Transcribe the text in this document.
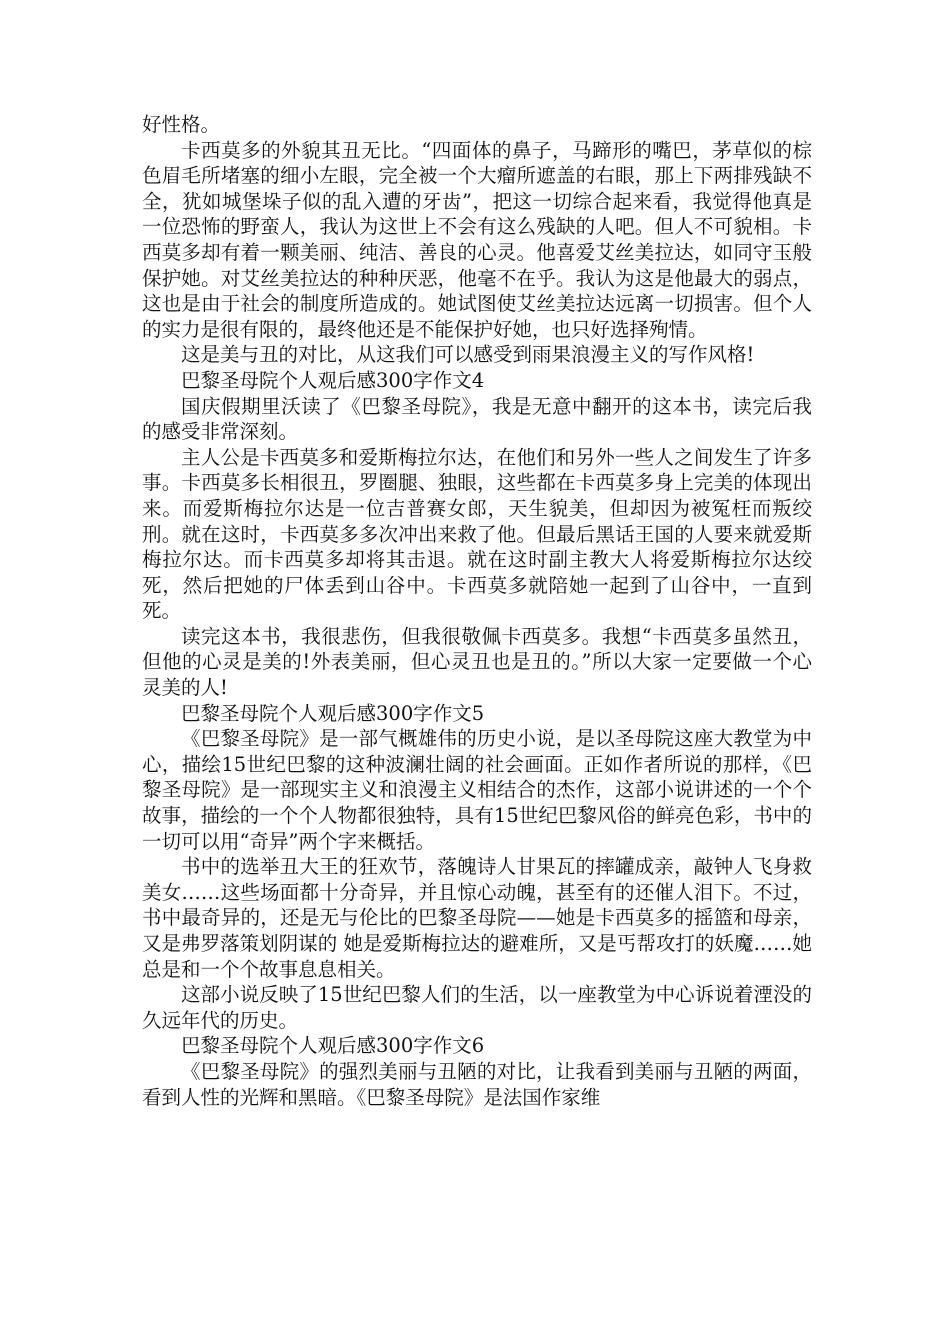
好性格。

卡西莫多的外貌其丑无比。“四面体的鼻子，马蹄形的嘴巴，茅草似的棕色眉毛所堵塞的细小左眼，完全被一个大瘤所遮盖的右眼，那上下两排残缺不全，犹如城堡垛子似的乱入遭的牙齿”，把这一切综合起来看，我觉得他真是一位恐怖的野蛮人，我认为这世上不会有这么残缺的人吧。但人不可貌相。卡西莫多却有着一颗美丽、纯洁、善良的心灵。他喜爱艾丝美拉达，如同守玉般保护她。对艾丝美拉达的种种厌恶，他毫不在乎。我认为这是他最大的弱点，这也是由于社会的制度所造成的。她试图使艾丝美拉达远离一切损害。但个人的实力是很有限的，最终他还是不能保护好她，也只好选择殉情。

这是美与丑的对比，从这我们可以感受到雨果浪漫主义的写作风格!

巴黎圣母院个人观后感300字作文4

国庆假期里沃读了《巴黎圣母院》，我是无意中翻开的这本书，读完后我的感受非常深刻。

主人公是卡西莫多和爱斯梅拉尔达，在他们和另外一些人之间发生了许多事。卡西莫多长相很丑，罗圈腿、独眼，这些都在卡西莫多身上完美的体现出来。而爱斯梅拉尔达是一位吉普赛女郎，天生貌美，但却因为被冤枉而叛绞刑。就在这时，卡西莫多多次冲出来救了他。但最后黑话王国的人要来就爱斯梅拉尔达。而卡西莫多却将其击退。就在这时副主教大人将爱斯梅拉尔达绞死，然后把她的尸体丢到山谷中。卡西莫多就陪她一起到了山谷中，一直到死。

读完这本书，我很悲伤，但我很敬佩卡西莫多。我想“卡西莫多虽然丑，但他的心灵是美的!外表美丽，但心灵丑也是丑的。”所以大家一定要做一个心灵美的人!

巴黎圣母院个人观后感300字作文5

《巴黎圣母院》是一部气概雄伟的历史小说，是以圣母院这座大教堂为中心，描绘15世纪巴黎的这种波澜壮阔的社会画面。正如作者所说的那样，《巴黎圣母院》是一部现实主义和浪漫主义相结合的杰作，这部小说讲述的一个个故事，描绘的一个个人物都很独特，具有15世纪巴黎风俗的鲜亮色彩，书中的一切可以用“奇异”两个字来概括。

书中的选举丑大王的狂欢节，落魄诗人甘果瓦的摔罐成亲，敲钟人飞身救美女……这些场面都十分奇异，并且惊心动魄，甚至有的还催人泪下。不过，书中最奇异的，还是无与伦比的巴黎圣母院——她是卡西莫多的摇篮和母亲，又是弗罗落策划阴谋的 她是爱斯梅拉达的避难所，又是丐帮攻打的妖魔……她总是和一个个故事息息相关。

这部小说反映了15世纪巴黎人们的生活，以一座教堂为中心诉说着湮没的久远年代的历史。

巴黎圣母院个人观后感300字作文6

《巴黎圣母院》的强烈美丽与丑陋的对比，让我看到美丽与丑陋的两面，看到人性的光辉和黑暗。《巴黎圣母院》是法国作家维
